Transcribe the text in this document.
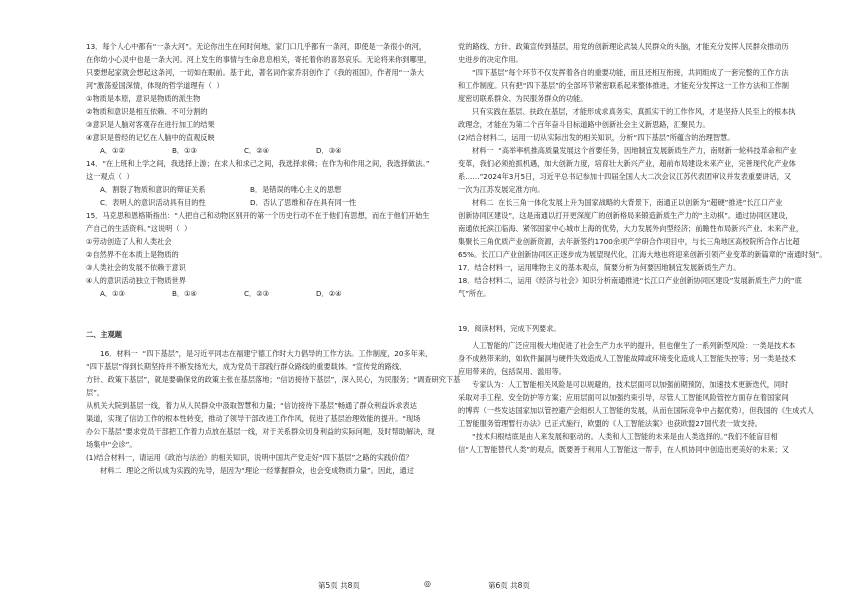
13．每个人心中都有“一条大河”。无论你出生在何时何地，家门口几乎都有一条河，即使是一条很小的河，

在你幼小心灵中也是一条大河。河上发生的事情与生命息息相关，寄托着你的喜怒哀乐。无论将来你到哪里，

只要想起家就会想起这条河，一切如在眼前。基于此，著名词作家乔羽创作了《我的祖国》，作者用“一条大

河”激荡爱国深情，体现的哲学道理有（  ）

①物质是本原，意识是物质的派生物

②物质和意识是相互依赖、不可分割的

③意识是人脑对客观存在进行加工的结果

④意识是曾经的记忆在人脑中的直观反映

A．①②	B．①③	C．②④	D．③④

14．“在上班和上学之间，我选择上游；在求人和求己之间，我选择求佛；在作为和作用之间，我选择做法。”

这一观点（  ）

A．割裂了物质和意识的辩证关系	B．是错误的唯心主义的思想
C．表明人的意识活动具有目的性	D．否认了思维和存在具有同一性

15．马克思和恩格斯指出：“人把自己和动物区别开的第一个历史行动不在于他们有思想，而在于他们开始生

产自己的生活资料。”这说明（  ）

①劳动创造了人和人类社会

②自然界不在本质上是物质的

③人类社会的发展不依赖于意识

④人的意识活动独立于物质世界

A．①③	B．①④	C．②③	D．②④

二、主观题

16．材料一  “四下基层”，是习近平同志在福建宁德工作时大力倡导的工作方法。工作制度，20多年来，

“四下基层”得到长期坚持并不断发扬光大，成为党员干部践行群众路线的重要载体。“宣传党的路线、

方针、政策下基层”，就是要确保党的政策主张在基层落地；“信访接待下基层”，深入民心，为民服务；“调查研究下基层”，

从机关大院到基层一线，着力从人民群众中汲取智慧和力量；“信访接待下基层”畅通了群众利益诉求表达

渠道，实现了信访工作的根本性转变，推动了领导干部改进工作作风，促进了基层治理效能的提升。“现场

办公下基层”要求党员干部把工作着力点放在基层一线，对于关系群众切身利益的实际问题，及时帮助解决，现

场集中“会诊”。

(1)结合材料一，请运用《政治与法治》的相关知识，说明中国共产党走好“四下基层”之路的实践价值？

材料二  理论之所以成为实践的先导，是因为“理论一经掌握群众，也会变成物质力量”。因此，通过

党的路线、方针、政策宣传到基层，用党的创新理论武装人民群众的头脑，才能充分发挥人民群众推动历

史进步的决定作用。

“四下基层”每个环节不仅发挥着各自的重要功能，而且还相互衔接，共同组成了一套完整的工作方法

和工作制度。只有把“四下基层”的全部环节紧密联系起来整体推进，才能充分发挥这一工作方法和工作制

度密切联系群众、为民服务群众的功能。

只有实践在基层、扶政在基层，才能形成求真务实、真抓实干的工作作风，才是坚持人民至上的根本执

政理念，才能在为第二个百年奋斗目标道路中创新社会主义新思路，汇聚民力。

(2)结合材料二，运用一切从实际出发的相关知识，分析“四下基层”所蕴含的治理智慧。

材料一  “高举率机推高质量发展这个首要任务，因地制宜发展新质生产力，南财新一轮科技革命和产业

变革，我们必须抢抓机遇，加大创新力度，培育壮大新兴产业，超前布局建设未来产业，完善现代化产业体

系……”2024年3月5日，习近平总书记参加十四届全国人大二次会议江苏代表团审议并发表重要讲话，又

一次为江苏发展定准方向。

材料二  在长三角一体化发展上升为国家战略的大背景下，南通正以创新为“超硬”推进“长江口产业

创新协同区建设”，这是南通以打开更深度广的创新格局来锻造新质生产力的“主动棋”。通过协同区建设，

南通依托滨江临海、紧邻国家中心城市上海的优势，大力发展外向型经济；前瞻性布局新兴产业、未来产业，

集聚长三角优质产业创新资源，去年新签约1700余项产学研合作项目中，与长三角地区高校院所合作占比超

65%。长江口产业创新协同区正逐步成为展望现代化，江海大地也将迎来创新引领产业变革的新篇章的“南通时刻”。

17．结合材料一，运用唯物主义的基本观点，简要分析为何要因地制宜发展新质生产力。

18．结合材料二，运用《经济与社会》知识分析南通推进“长江口产业创新协同区建设”发展新质生产力的“底

气”所在。

19．阅读材料，完成下列要求。

人工智能的广泛应用极大地促进了社会生产力水平的提升，但也催生了一系列新型风险：一类是技术本

身不成熟带来的，如软件漏洞与硬件失效造成人工智能故障或环境变化造成人工智能失控等；另一类是技术

应用带来的，包括误用、滥用等。

专家认为：人工智能相关风险是可以规避的，技术层面可以加强前期预防，加速技术更新迭代，同时

采取对手工程、安全防护等方案；应用层面可以加强约束引导，尽管人工智能风险管控方面存在着国家间

的博弈（一些发达国家加以管控避产会组织人工智能的发展，从而在国际竞争中占据优势），但我国的《生成式人

工智能服务管理暂行办法》已正式施行，欧盟的《人工智能法案》也获欧盟27国代表一致支持。

“技术归根结底是由人来发展和驱动的。人类和人工智能的未来是由人类选择的。”我们不能盲目相

信“人工智能替代人类”的观点，既要善于利用人工智能这一帮手，在人机协同中创造出更美好的未来；又

第5页 共8页	◎	第6页 共8页
